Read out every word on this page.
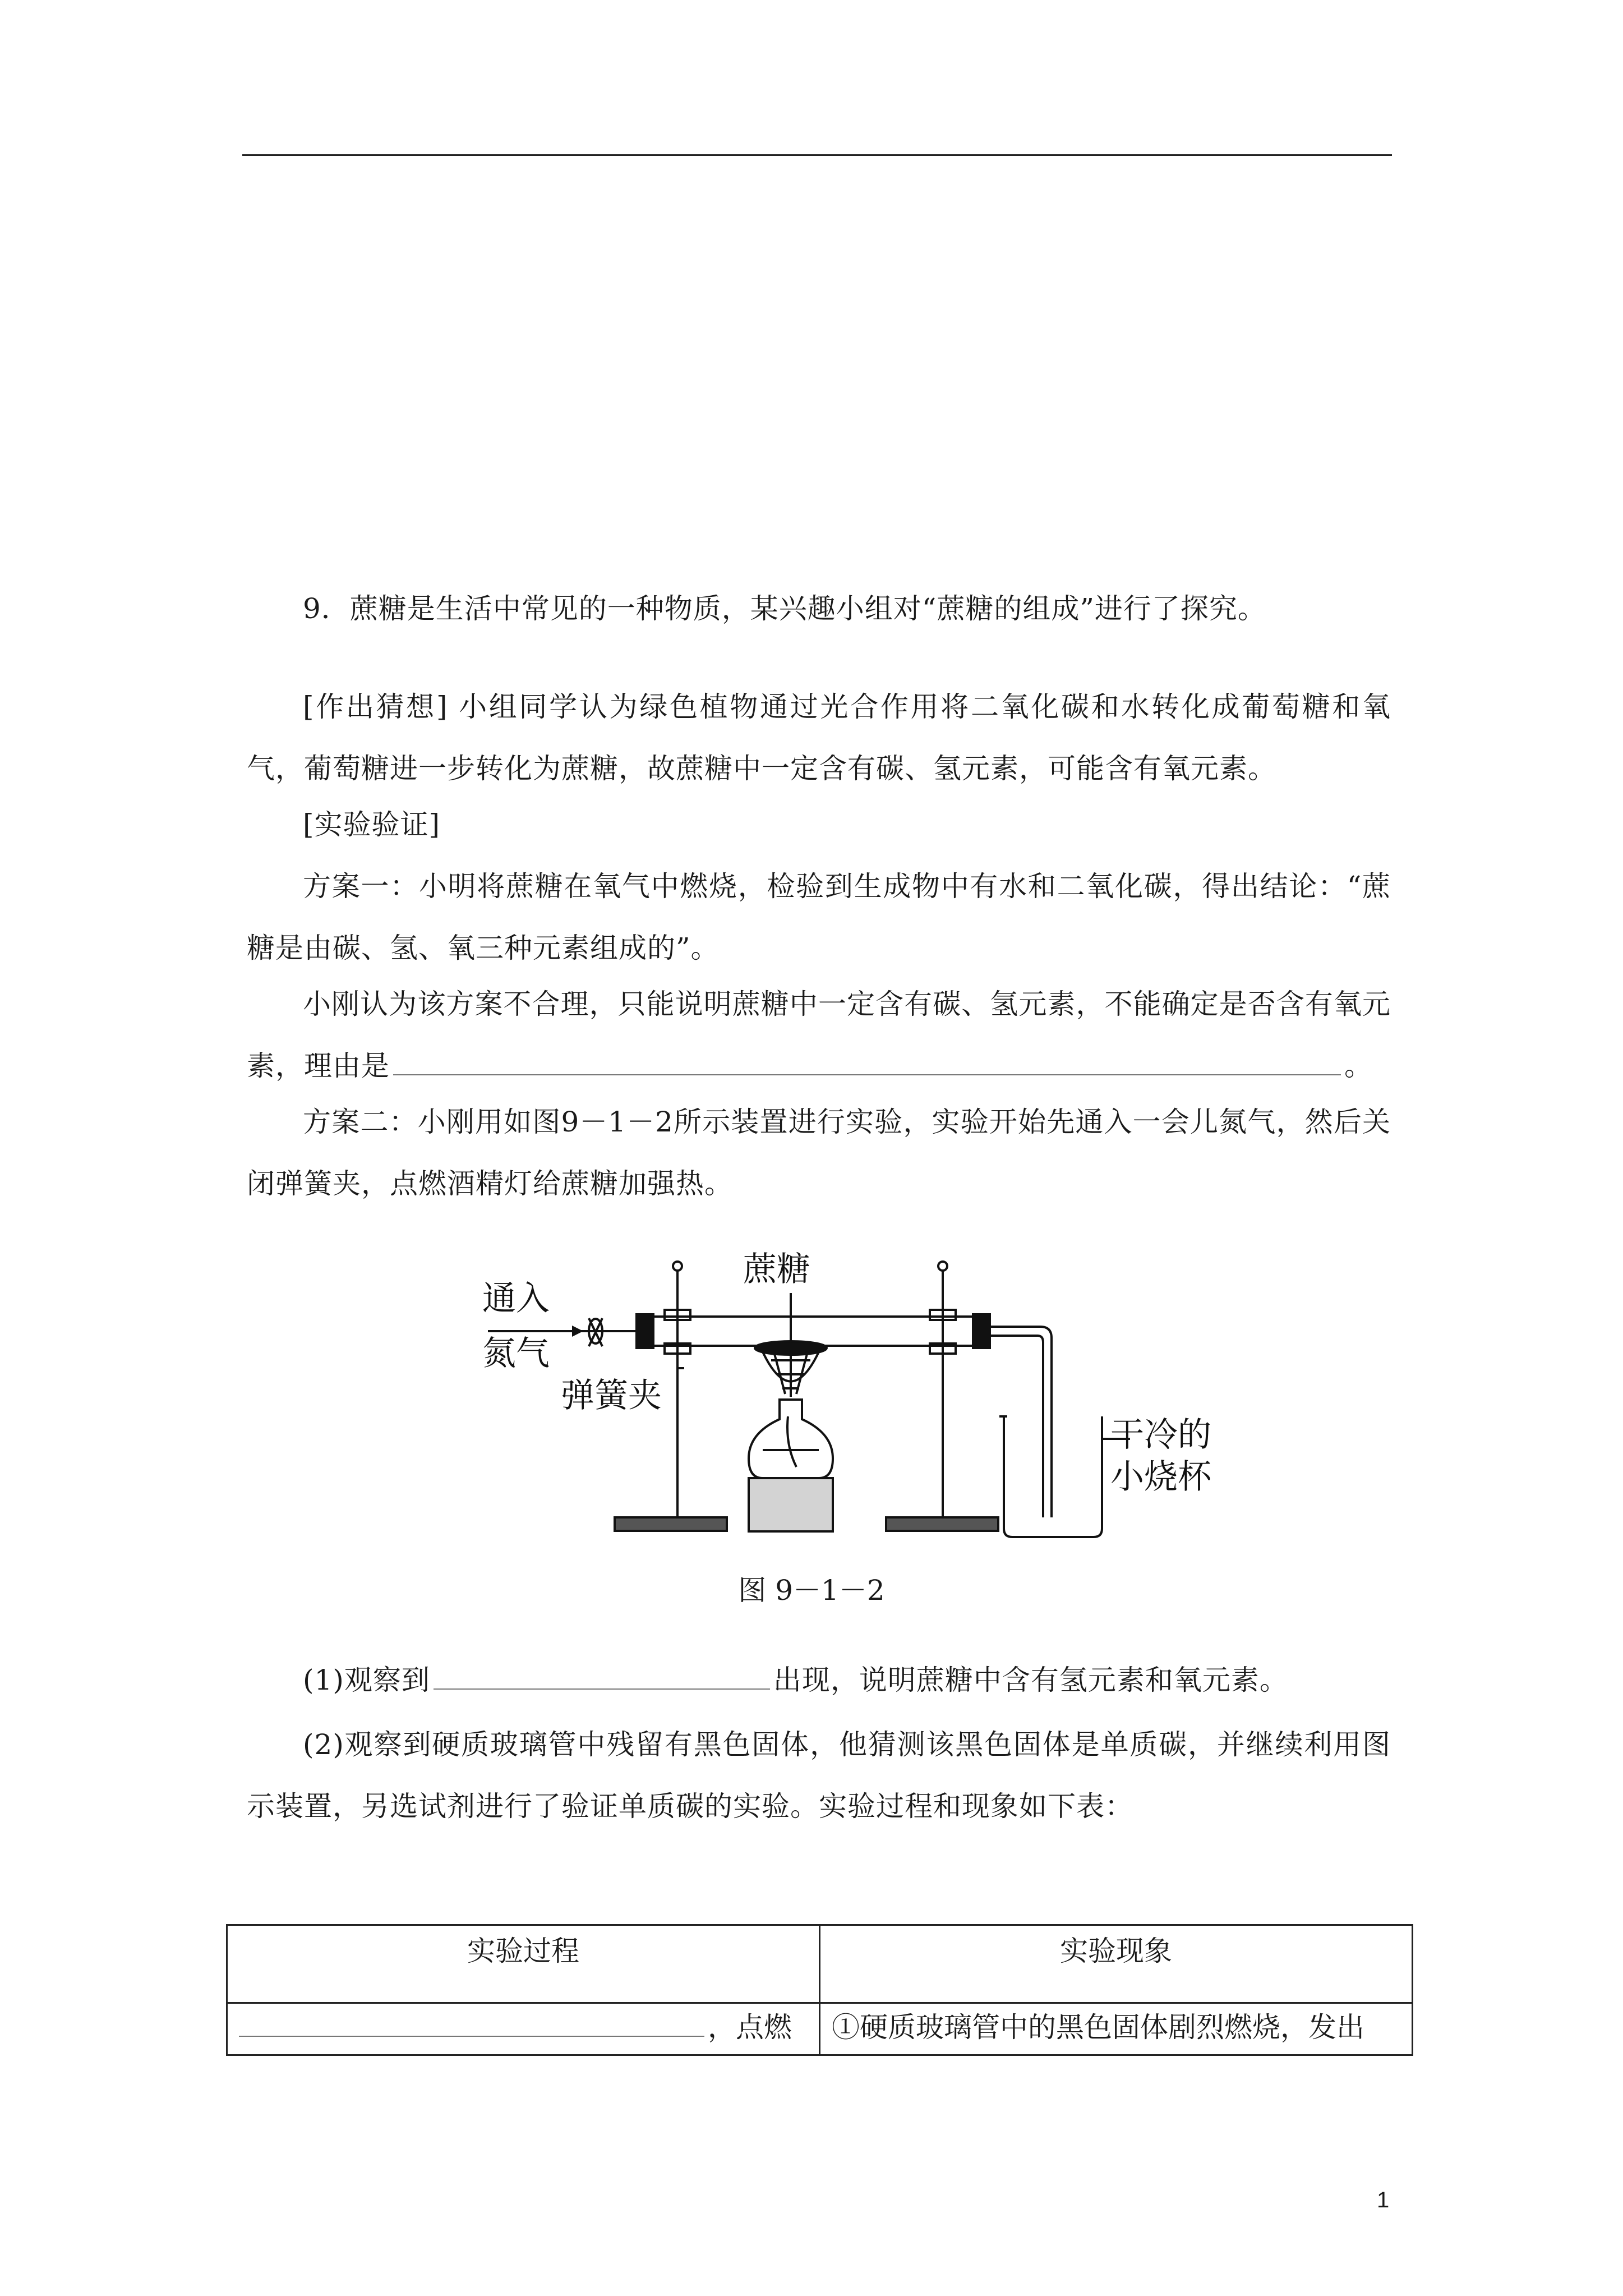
9．蔗糖是生活中常见的一种物质，某兴趣小组对“蔗糖的组成”进行了探究。

[作出猜想] 小组同学认为绿色植物通过光合作用将二氧化碳和水转化成葡萄糖和氧气，葡萄糖进一步转化为蔗糖，故蔗糖中一定含有碳、氢元素，可能含有氧元素。

[实验验证]

方案一：小明将蔗糖在氧气中燃烧，检验到生成物中有水和二氧化碳，得出结论：“蔗糖是由碳、氢、氧三种元素组成的”。

小刚认为该方案不合理，只能说明蔗糖中一定含有碳、氢元素，不能确定是否含有氧元素，理由是	。

方案二：小刚用如图9－1－2所示装置进行实验，实验开始先通入一会儿氮气，然后关闭弹簧夹，点燃酒精灯给蔗糖加强热。

通入
氮气
弹簧夹
蔗糖
干冷的
小烧杯
图 9－1－2

(1)观察到	出现，说明蔗糖中含有氢元素和氧元素。

(2)观察到硬质玻璃管中残留有黑色固体，他猜测该黑色固体是单质碳，并继续利用图示装置，另选试剂进行了验证单质碳的实验。实验过程和现象如下表：

实验过程	实验现象
，点燃	①硬质玻璃管中的黑色固体剧烈燃烧，发出
1
